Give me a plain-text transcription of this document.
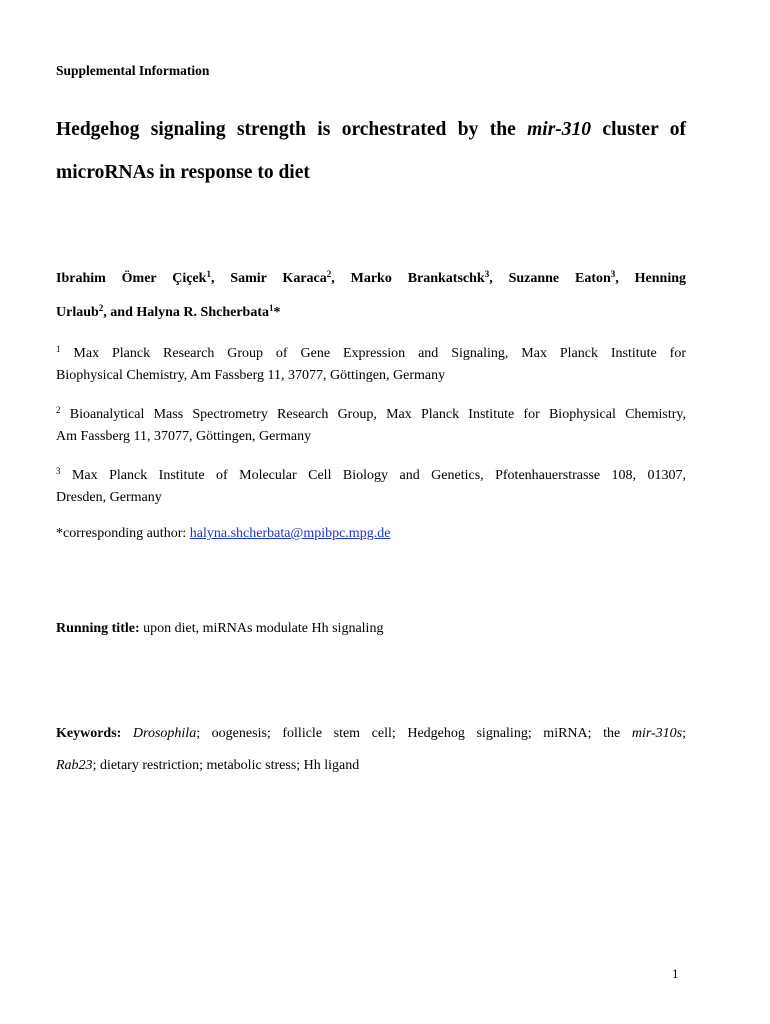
Supplemental Information
Hedgehog signaling strength is orchestrated by the mir-310 cluster of
microRNAs in response to diet
Ibrahim Ömer Çiçek$^1$, Samir Karaca$^2$, Marko Brankatschk$^3$, Suzanne Eaton$^3$, Henning
Urlaub$^2$, and Halyna R. Shcherbata$^1$*
$^1$ Max Planck Research Group of Gene Expression and Signaling, Max Planck Institute for
Biophysical Chemistry, Am Fassberg 11, 37077, Göttingen, Germany
$^2$ Bioanalytical Mass Spectrometry Research Group, Max Planck Institute for Biophysical Chemistry,
Am Fassberg 11, 37077, Göttingen, Germany
$^3$ Max Planck Institute of Molecular Cell Biology and Genetics, Pfotenhauerstrasse 108, 01307,
Dresden, Germany
*corresponding author: halyna.shcherbata@mpibpc.mpg.de
Running title: upon diet, miRNAs modulate Hh signaling
Keywords: Drosophila; oogenesis; follicle stem cell; Hedgehog signaling; miRNA; the mir-310s;
Rab23; dietary restriction; metabolic stress; Hh ligand
1
